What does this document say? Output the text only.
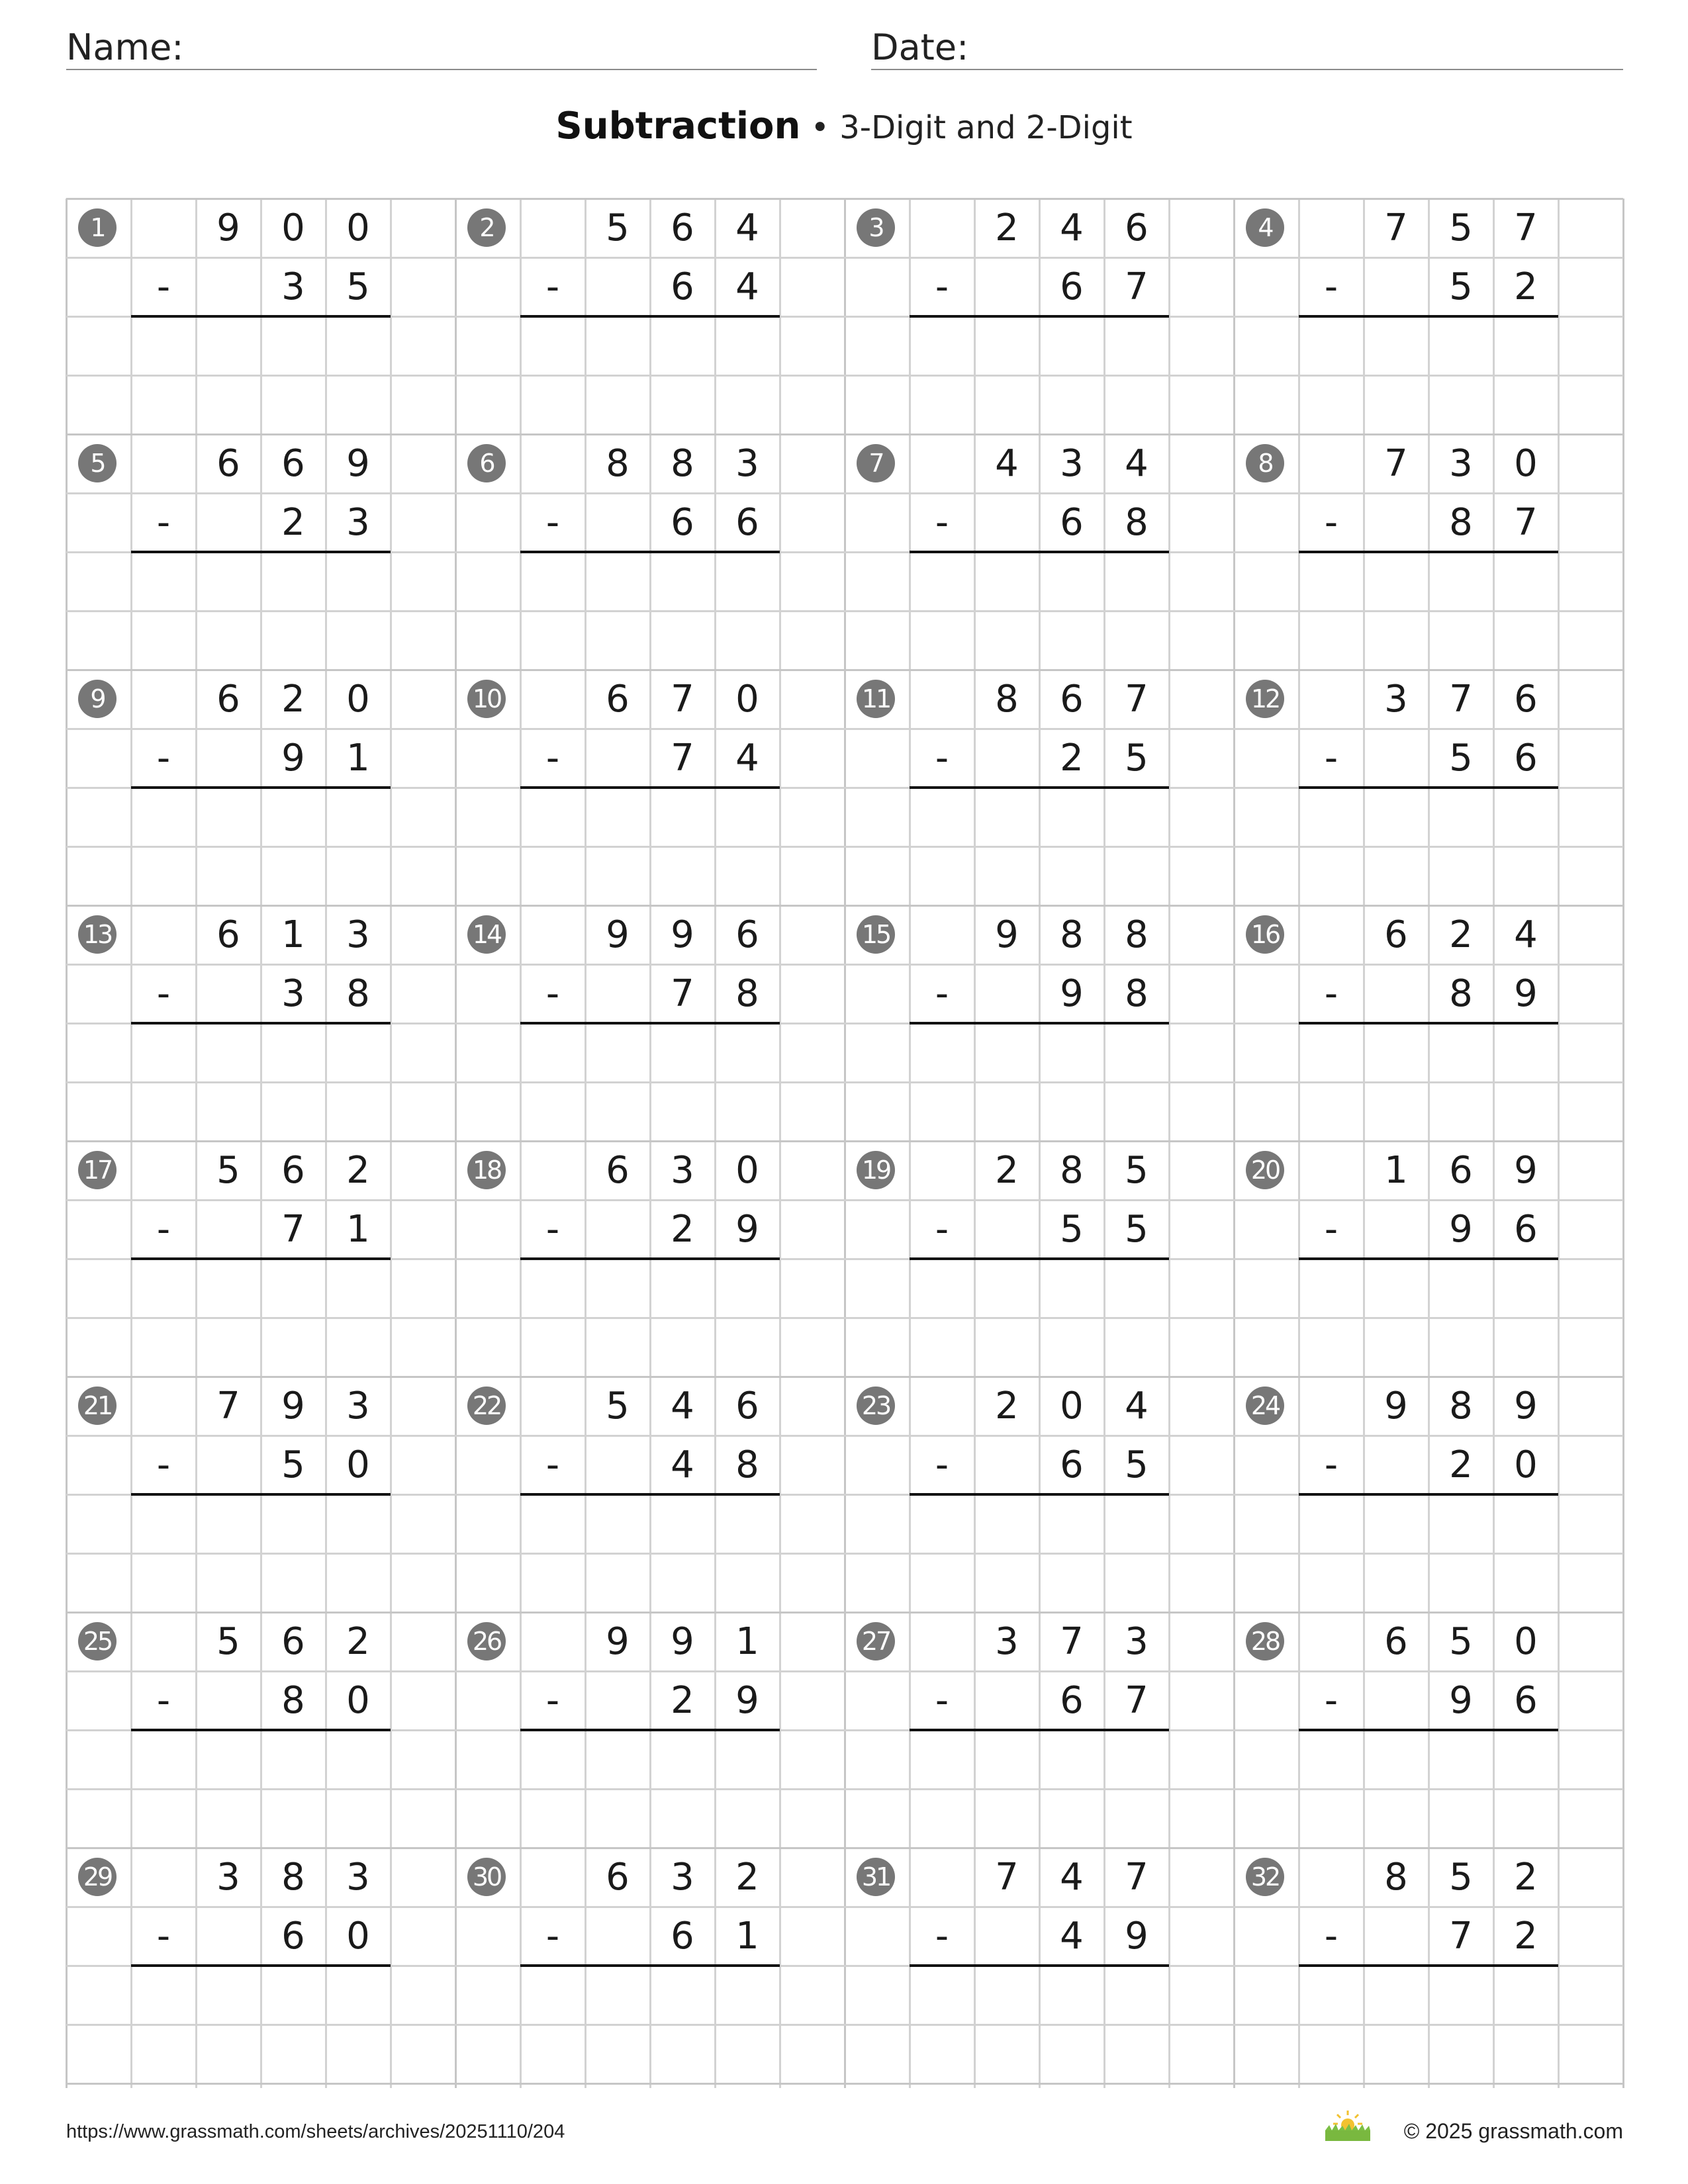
Name:	Date:
Subtraction • 3-Digit and 2-Digit
1	9	0	0
-	3	5
2	5	6	4
-	6	4
3	2	4	6
-	6	7
4	7	5	7
-	5	2
5	6	6	9
-	2	3
6	8	8	3
-	6	6
7	4	3	4
-	6	8
8	7	3	0
-	8	7
9	6	2	0
-	9	1
10	6	7	0
-	7	4
11	8	6	7
-	2	5
12	3	7	6
-	5	6
13	6	1	3
-	3	8
14	9	9	6
-	7	8
15	9	8	8
-	9	8
16	6	2	4
-	8	9
17	5	6	2
-	7	1
18	6	3	0
-	2	9
19	2	8	5
-	5	5
20	1	6	9
-	9	6
21	7	9	3
-	5	0
22	5	4	6
-	4	8
23	2	0	4
-	6	5
24	9	8	9
-	2	0
25	5	6	2
-	8	0
26	9	9	1
-	2	9
27	3	7	3
-	6	7
28	6	5	0
-	9	6
29	3	8	3
-	6	0
30	6	3	2
-	6	1
31	7	4	7
-	4	9
32	8	5	2
-	7	2
https://www.grassmath.com/sheets/archives/20251110/204	© 2025 grassmath.com
